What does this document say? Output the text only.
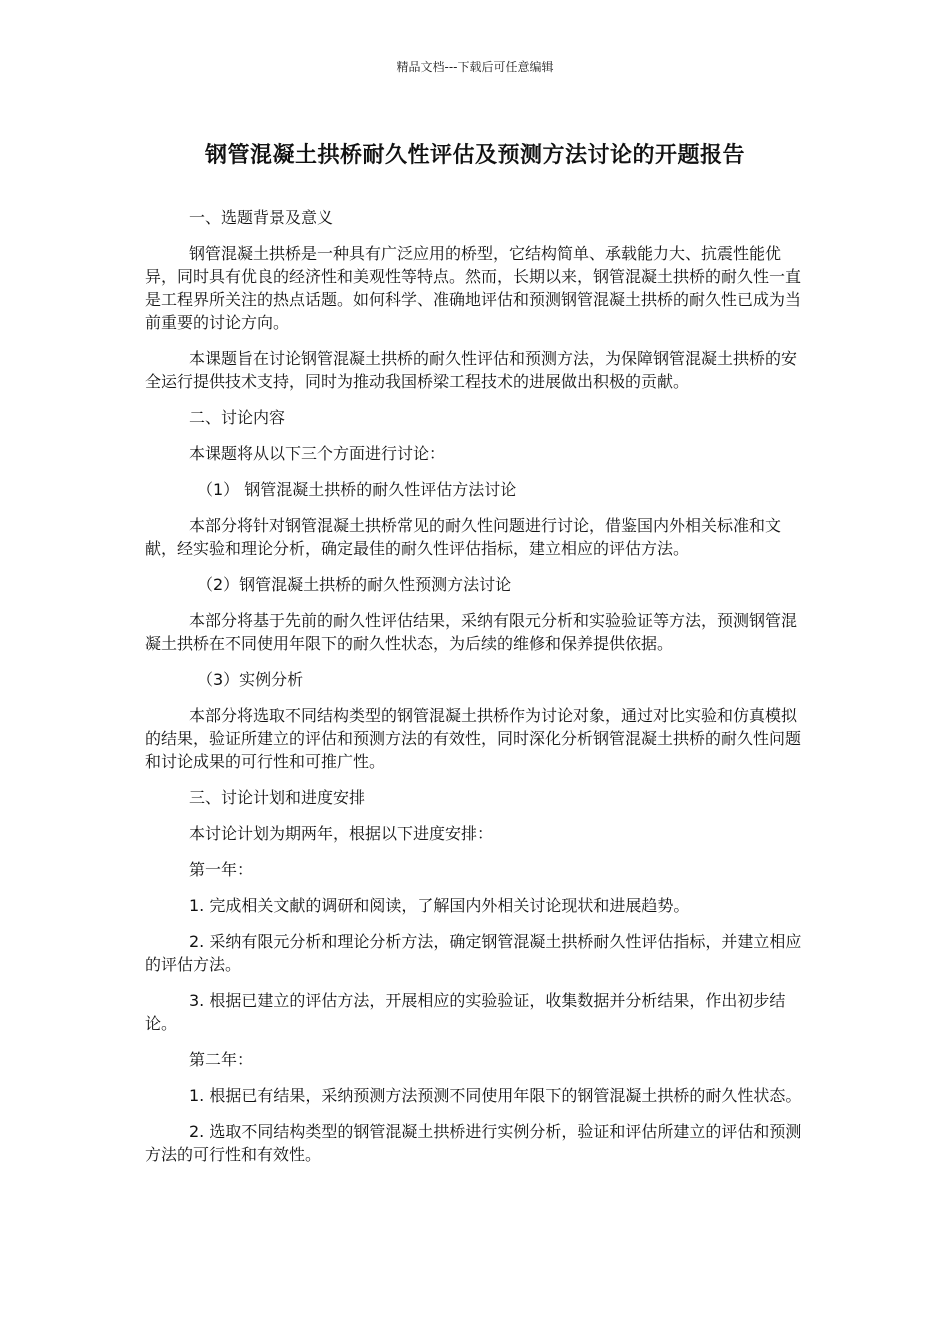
精品文档---下载后可任意编辑
钢管混凝土拱桥耐久性评估及预测方法讨论的开题报告

一、选题背景及意义

钢管混凝土拱桥是一种具有广泛应用的桥型，它结构简单、承载能力大、抗震性能优异，同时具有优良的经济性和美观性等特点。然而，长期以来，钢管混凝土拱桥的耐久性一直是工程界所关注的热点话题。如何科学、准确地评估和预测钢管混凝土拱桥的耐久性已成为当前重要的讨论方向。

本课题旨在讨论钢管混凝土拱桥的耐久性评估和预测方法，为保障钢管混凝土拱桥的安全运行提供技术支持，同时为推动我国桥梁工程技术的进展做出积极的贡献。

二、讨论内容

本课题将从以下三个方面进行讨论：

（1） 钢管混凝土拱桥的耐久性评估方法讨论

本部分将针对钢管混凝土拱桥常见的耐久性问题进行讨论，借鉴国内外相关标准和文献，经实验和理论分析，确定最佳的耐久性评估指标，建立相应的评估方法。

（2）钢管混凝土拱桥的耐久性预测方法讨论

本部分将基于先前的耐久性评估结果，采纳有限元分析和实验验证等方法，预测钢管混凝土拱桥在不同使用年限下的耐久性状态，为后续的维修和保养提供依据。

（3）实例分析

本部分将选取不同结构类型的钢管混凝土拱桥作为讨论对象，通过对比实验和仿真模拟的结果，验证所建立的评估和预测方法的有效性，同时深化分析钢管混凝土拱桥的耐久性问题和讨论成果的可行性和可推广性。

三、讨论计划和进度安排

本讨论计划为期两年，根据以下进度安排：

第一年：

1. 完成相关文献的调研和阅读，了解国内外相关讨论现状和进展趋势。

2. 采纳有限元分析和理论分析方法，确定钢管混凝土拱桥耐久性评估指标，并建立相应的评估方法。

3. 根据已建立的评估方法，开展相应的实验验证，收集数据并分析结果，作出初步结论。

第二年：

1. 根据已有结果，采纳预测方法预测不同使用年限下的钢管混凝土拱桥的耐久性状态。

2. 选取不同结构类型的钢管混凝土拱桥进行实例分析，验证和评估所建立的评估和预测方法的可行性和有效性。
